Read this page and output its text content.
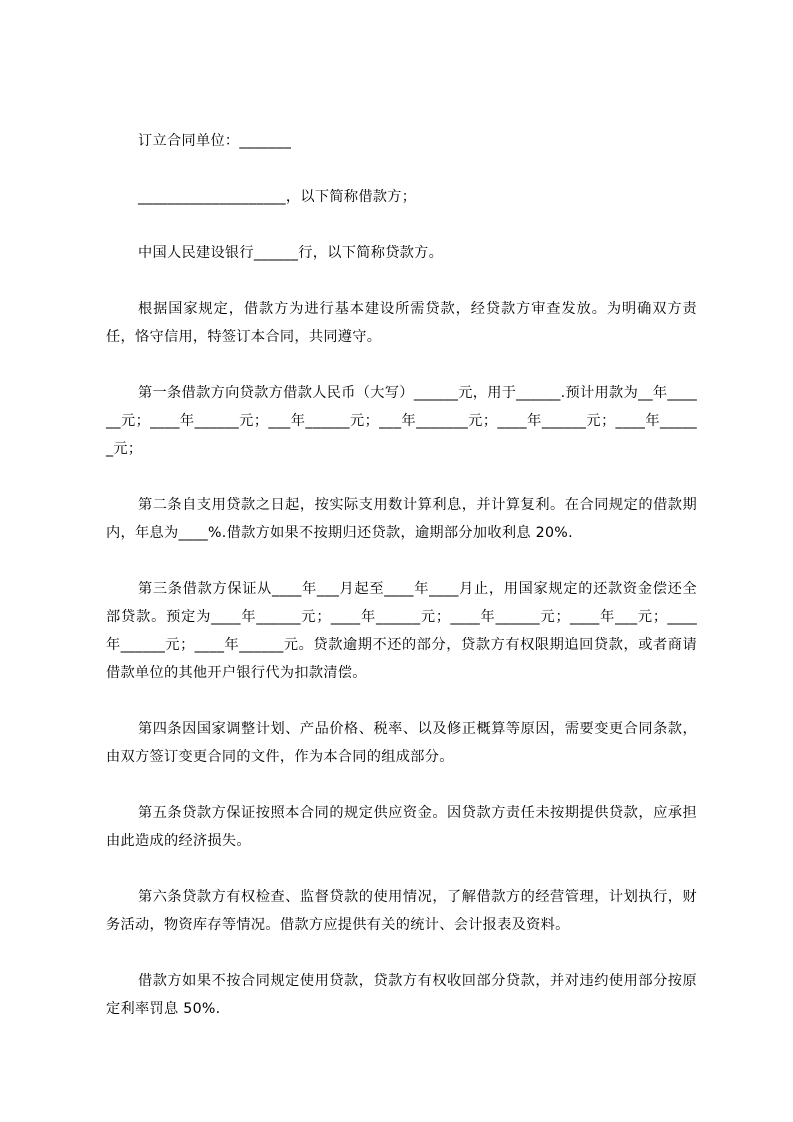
订立合同单位：_______

____________________，以下简称借款方；

中国人民建设银行______行，以下简称贷款方。

根据国家规定，借款方为进行基本建设所需贷款，经贷款方审查发放。为明确双方责任，恪守信用，特签订本合同，共同遵守。

第一条借款方向贷款方借款人民币（大写）______元，用于______.预计用款为__年______元；____年______元；___年______元；___年_______元；____年______元；____年______元；

第二条自支用贷款之日起，按实际支用数计算利息，并计算复利。在合同规定的借款期内，年息为____%.借款方如果不按期归还贷款，逾期部分加收利息 20%.

第三条借款方保证从____年___月起至____年____月止，用国家规定的还款资金偿还全部贷款。预定为____年______元；____年______元；____年______元；____年___元；____年______元；____年______元。贷款逾期不还的部分，贷款方有权限期追回贷款，或者商请借款单位的其他开户银行代为扣款清偿。

第四条因国家调整计划、产品价格、税率、以及修正概算等原因，需要变更合同条款，由双方签订变更合同的文件，作为本合同的组成部分。

第五条贷款方保证按照本合同的规定供应资金。因贷款方责任未按期提供贷款，应承担由此造成的经济损失。

第六条贷款方有权检查、监督贷款的使用情况，了解借款方的经营管理，计划执行，财务活动，物资库存等情况。借款方应提供有关的统计、会计报表及资料。

借款方如果不按合同规定使用贷款，贷款方有权收回部分贷款，并对违约使用部分按原定利率罚息 50%.
